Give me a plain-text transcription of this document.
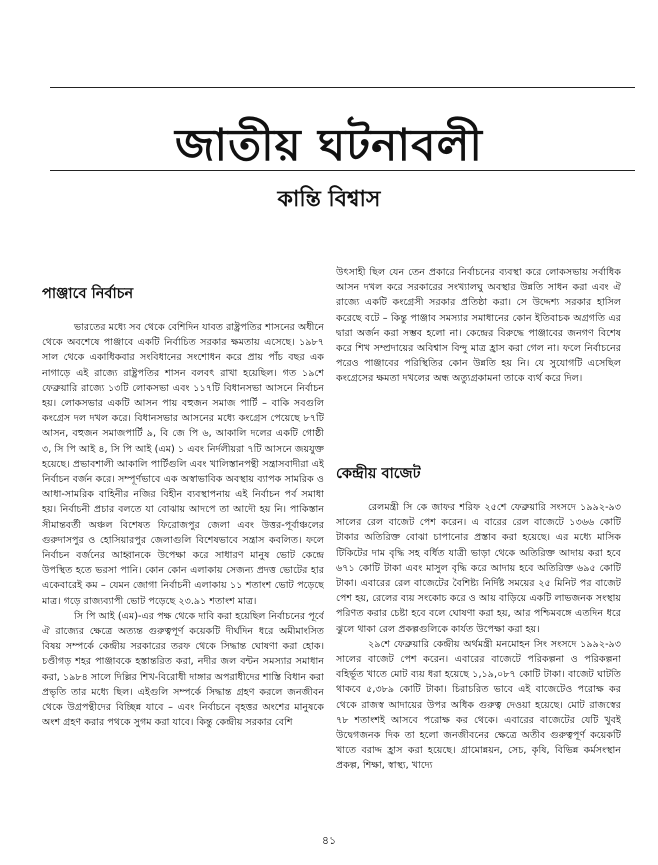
জাতীয় ঘটনাবলী
কান্তি বিশ্বাস
পাঞ্জাবে নির্বাচন

ভারতের মধ্যে সব থেকে বেশিদিন যাবত রাষ্ট্রপতির শাসনের অধীনে থেকে অবশেষে পাঞ্জাবে একটি নির্বাচিত সরকার ক্ষমতায় এসেছে। ১৯৮৭ সাল থেকে একাধিকবার সংবিধানের সংশোধন করে প্রায় পাঁচ বছর এক নাগাড়ে এই রাজ্যে রাষ্ট্রপতির শাসন বলবৎ রাখা হয়েছিল। গত ১৯শে ফেব্রুয়ারি রাজ্যে ১৩টি লোকসভা এবং ১১৭টি বিধানসভা আসনে নির্বাচন হয়। লোকসভার একটি আসন পায় বহুজন সমাজ পার্টি – বাকি সবগুলি কংগ্রেস দল দখল করে। বিধানসভার আসনের মধ্যে কংগ্রেস পেয়েছে ৮৭টি আসন, বহুজন সমাজপার্টি ৯, বি জে পি ৬, আকালি দলের একটি গোষ্ঠী ৩, সি পি আই ৪, সি পি আই (এম) ১ এবং নির্দলীয়রা ৭টি আসনে জয়যুক্ত হয়েছে। প্রভাবশালী আকালি পার্টিগুলি এবং খালিস্তানপন্থী সন্ত্রাসবাদীরা এই নির্বাচন বর্জন করে। সম্পূর্ণভাবে এক অস্বাভাবিক অবস্থায় ব্যাপক সামরিক ও আধা-সামরিক বাহিনীর নজির বিহীন ব্যবস্থাপনায় এই নির্বাচন পর্ব সমাধা হয়। নির্বাচনী প্রচার বলতে যা বোঝায় আদপে তা আদৌ হয় নি। পাকিস্তান সীমান্তবর্তী অঞ্চল বিশেষত ফিরোজপুর জেলা এবং উত্তর-পূর্বাঞ্চলের গুরুদাসপুর ও হোসিয়ারপুর জেলাগুলি বিশেষভাবে সন্ত্রাস কবলিত। ফলে নির্বাচন বর্জনের আহ্বানকে উপেক্ষা করে সাধারণ মানুষ ভোট কেন্দ্রে উপস্থিত হতে ভরসা পানি। কোন কোন এলাকায় সেজন্য প্রদত্ত ভোটের হার একেবারেই কম – যেমন জোগা নির্বাচনী এলাকায় ১১ শতাংশ ভোট পড়েছে মাত্র। গড়ে রাজ্যব্যাপী ভোট পড়েছে ২৩.৯১ শতাংশ মাত্র।

সি পি আই (এম)-এর পক্ষ থেকে দাবি করা হয়েছিল নির্বাচনের পূর্বে ঐ রাজ্যের ক্ষেত্রে অত্যন্ত গুরুত্বপূর্ণ কয়েকটি দীর্ঘদিন ধরে অমীমাংসিত বিষয় সম্পর্কে কেন্দ্রীয় সরকারের তরফ থেকে সিদ্ধান্ত ঘোষণা করা হোক। চণ্ডীগড় শহর পাঞ্জাবকে হস্তান্তরিত করা, নদীর জল বন্টন সমস্যার সমাধান করা, ১৯৮৪ সালে দিল্লির শিখ-বিরোধী দাঙ্গার অপরাধীদের শাস্তি বিধান করা প্রভৃতি তার মধ্যে ছিল। এইগুলি সম্পর্কে সিদ্ধান্ত গ্রহণ করলে জনজীবন থেকে উগ্রপন্থীদের বিচ্ছিন্ন যাবে – এবং নির্বাচনে বৃহত্তর অংশের মানুষকে অংশ গ্রহণ করার পথকে সুগম করা যাবে। কিন্তু কেন্দ্রীয় সরকার বেশি

উৎসাহী ছিল যেন তেন প্রকারে নির্বাচনের ব্যবস্থা করে লোকসভায় সর্বাধিক আসন দখল করে সরকারের সংখ্যালঘু অবস্থার উন্নতি সাধন করা এবং ঐ রাজ্যে একটি কংগ্রেসী সরকার প্রতিষ্ঠা করা। সে উদ্দেশ্য সরকার হাসিল করেছে বটে – কিন্তু পাঞ্জাব সমস্যার সমাধানের কোন ইতিবাচক অগ্রগতি এর দ্বারা অর্জন করা সম্ভব হলো না। কেন্দ্রের বিরুদ্ধে পাঞ্জাবের জনগণ বিশেষ করে শিখ সম্প্রদায়ের অবিশ্বাস বিন্দু মাত্র হ্রাস করা গেল না। ফলে নির্বাচনের পরেও পাঞ্জাবের পরিস্থিতির কোন উন্নতি হয় নি। যে সুযোগটি এসেছিল কংগ্রেসের ক্ষমতা দখলের অন্ধ অত্যুগ্রকামনা তাকে ব্যর্থ করে দিল।

কেন্দ্রীয় বাজেট

রেলমন্ত্রী সি কে জাফর শরিফ ২৫শে ফেব্রুয়ারি সংসদে ১৯৯২-৯৩ সালের রেল বাজেট পেশ করেন। এ বারের রেল বাজেটে ১৩৬৬ কোটি টাকার অতিরিক্ত বোঝা চাপানোর প্রস্তাব করা হয়েছে। এর মধ্যে মাসিক টিকিটের দাম বৃদ্ধি সহ বর্ধিত যাত্রী ভাড়া থেকে অতিরিক্ত আদায় করা হবে ৬৭১ কোটি টাকা এবং মাসুল বৃদ্ধি করে আদায় হবে অতিরিক্ত ৬৯৫ কোটি টাকা। এবারের রেল বাজেটের বৈশিষ্ট্য নির্দিষ্ট সময়ের ২৫ মিনিট পর বাজেট পেশ হয়, রেলের ব্যয় সংকোচ করে ও আয় বাড়িয়ে একটি লাভজনক সংস্থায় পরিণত করার চেষ্টা হবে বলে ঘোষণা করা হয়, আর পশ্চিমবঙ্গে এতদিন ধরে ঝুলে থাকা রেল প্রকল্পগুলিকে কার্যত উপেক্ষা করা হয়।

২৯শে ফেব্রুয়ারি কেন্দ্রীয় অর্থমন্ত্রী মনমোহন সিং সংসদে ১৯৯২-৯৩ সালের বাজেট পেশ করেন। এবারের বাজেটে পরিকল্পনা ও পরিকল্পনা বহির্ভূত খাতে মোট ব্যয় ধরা হয়েছে ১,১৯,০৮৭ কোটি টাকা। বাজেট ঘাটতি থাকবে ৫,৩৮৯ কোটি টাকা। চিরাচরিত ভাবে এই বাজেটেও পরোক্ষ কর থেকে রাজস্ব আদায়ের উপর অধিক গুরুত্ব দেওয়া হয়েছে। মোট রাজস্বের ৭৮ শতাংশই আসবে পরোক্ষ কর থেকে। এবারের বাজেটের যেটি খুবই উদ্বেগজনক দিক তা হলো জনজীবনের ক্ষেত্রে অতীব গুরুত্বপূর্ণ কয়েকটি খাতে বরাদ্দ হ্রাস করা হয়েছে। গ্রামোন্নয়ন, সেচ, কৃষি, বিভিন্ন কর্মসংস্থান প্রকল্প, শিক্ষা, স্বাস্থ্য, খাদ্যে

৪১
